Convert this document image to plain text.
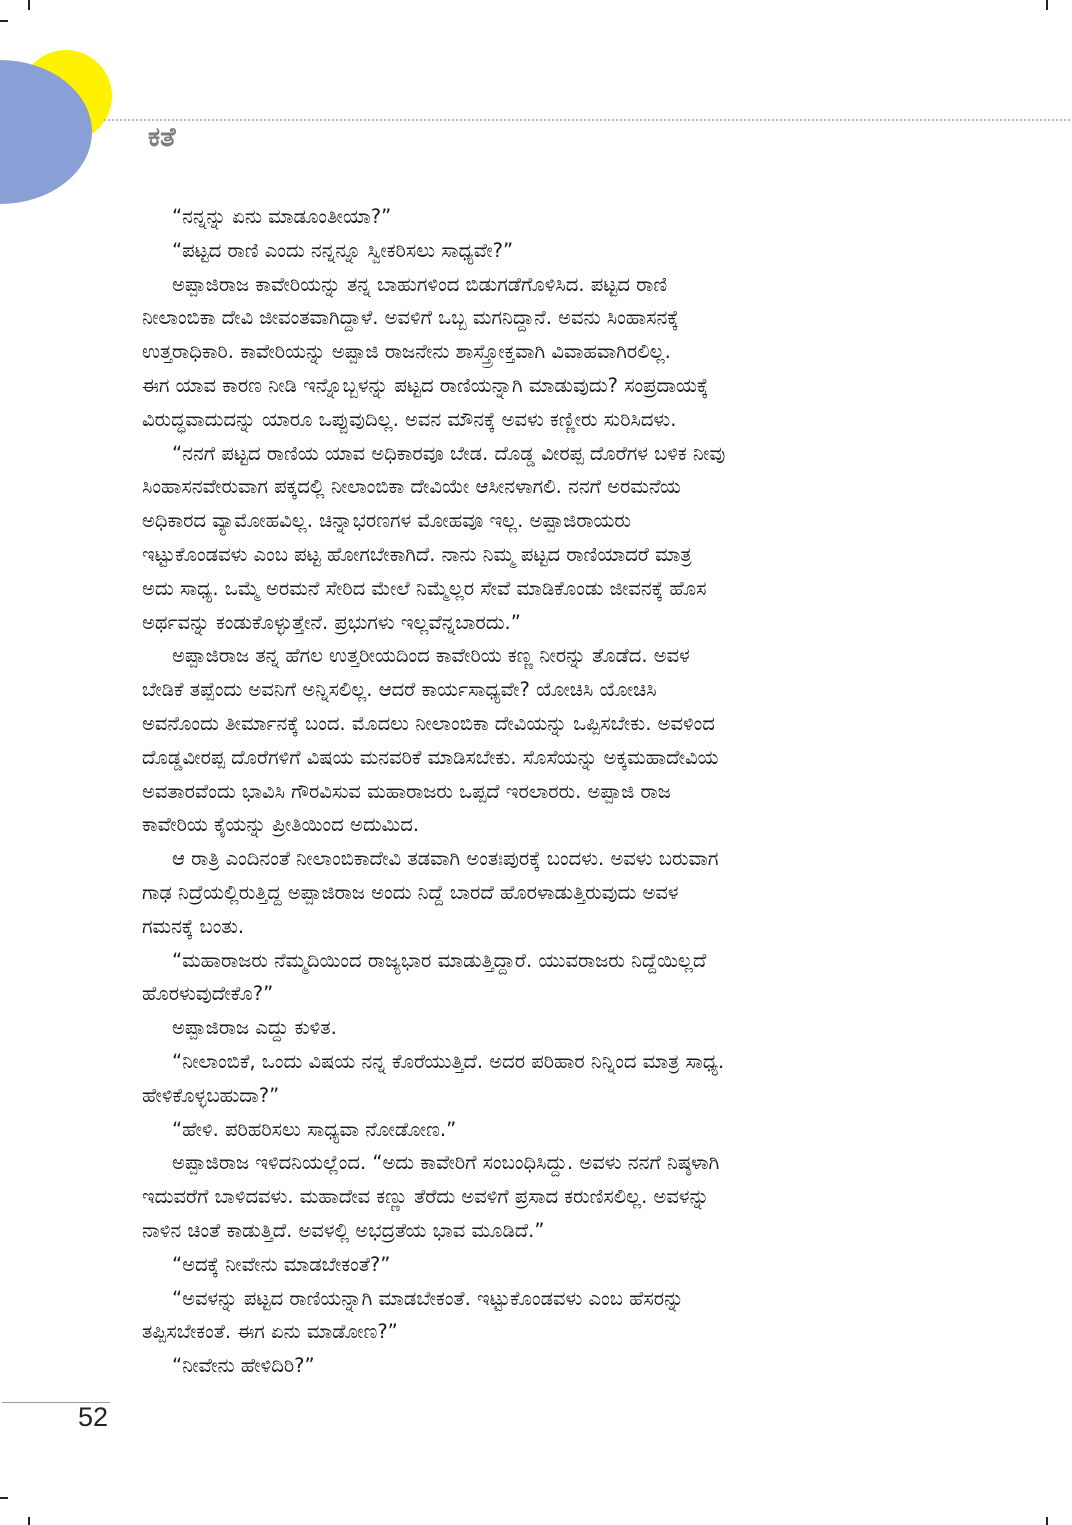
ಕತೆ
“ನನ್ನನ್ನು ಏನು ಮಾಡೂಂತೀಯಾ?”
“ಪಟ್ಟದ ರಾಣಿ ಎಂದು ನನ್ನನ್ನೂ ಸ್ವೀಕರಿಸಲು ಸಾಧ್ಯವೇ?”
ಅಪ್ಪಾಜಿರಾಜ ಕಾವೇರಿಯನ್ನು ತನ್ನ ಬಾಹುಗಳಿಂದ ಬಿಡುಗಡೆಗೊಳಿಸಿದ. ಪಟ್ಟದ ರಾಣಿ
ನೀಲಾಂಬಿಕಾ ದೇವಿ ಜೀವಂತವಾಗಿದ್ದಾಳೆ. ಅವಳಿಗೆ ಒಬ್ಬ ಮಗನಿದ್ದಾನೆ. ಅವನು ಸಿಂಹಾಸನಕ್ಕೆ
ಉತ್ತರಾಧಿಕಾರಿ. ಕಾವೇರಿಯನ್ನು ಅಪ್ಪಾಜಿ ರಾಜನೇನು ಶಾಸ್ತ್ರೋಕ್ತವಾಗಿ ವಿವಾಹವಾಗಿರಲಿಲ್ಲ.
ಈಗ ಯಾವ ಕಾರಣ ನೀಡಿ ಇನ್ನೊಬ್ಬಳನ್ನು ಪಟ್ಟದ ರಾಣಿಯನ್ನಾಗಿ ಮಾಡುವುದು? ಸಂಪ್ರದಾಯಕ್ಕೆ
ವಿರುದ್ಧವಾದುದನ್ನು ಯಾರೂ ಒಪ್ಪುವುದಿಲ್ಲ. ಅವನ ಮೌನಕ್ಕೆ ಅವಳು ಕಣ್ಣೀರು ಸುರಿಸಿದಳು.
“ನನಗೆ ಪಟ್ಟದ ರಾಣಿಯ ಯಾವ ಅಧಿಕಾರವೂ ಬೇಡ. ದೊಡ್ಡ ವೀರಪ್ಪ ದೊರೆಗಳ ಬಳಿಕ ನೀವು
ಸಿಂಹಾಸನವೇರುವಾಗ ಪಕ್ಕದಲ್ಲಿ ನೀಲಾಂಬಿಕಾ ದೇವಿಯೇ ಆಸೀನಳಾಗಲಿ. ನನಗೆ ಅರಮನೆಯ
ಅಧಿಕಾರದ ವ್ಯಾಮೋಹವಿಲ್ಲ. ಚಿನ್ನಾಭರಣಗಳ ಮೋಹವೂ ಇಲ್ಲ. ಅಪ್ಪಾಜಿರಾಯರು
ಇಟ್ಟುಕೊಂಡವಳು ಎಂಬ ಪಟ್ಟ ಹೋಗಬೇಕಾಗಿದೆ. ನಾನು ನಿಮ್ಮ ಪಟ್ಟದ ರಾಣಿಯಾದರೆ ಮಾತ್ರ
ಅದು ಸಾಧ್ಯ. ಒಮ್ಮೆ ಅರಮನೆ ಸೇರಿದ ಮೇಲೆ ನಿಮ್ಮೆಲ್ಲರ ಸೇವೆ ಮಾಡಿಕೊಂಡು ಜೀವನಕ್ಕೆ ಹೊಸ
ಅರ್ಥವನ್ನು ಕಂಡುಕೊಳ್ಳುತ್ತೇನೆ. ಪ್ರಭುಗಳು ಇಲ್ಲವೆನ್ನಬಾರದು.”
ಅಪ್ಪಾಜಿರಾಜ ತನ್ನ ಹೆಗಲ ಉತ್ತರೀಯದಿಂದ ಕಾವೇರಿಯ ಕಣ್ಣ ನೀರನ್ನು ತೊಡೆದ. ಅವಳ
ಬೇಡಿಕೆ ತಪ್ಪೆಂದು ಅವನಿಗೆ ಅನ್ನಿಸಲಿಲ್ಲ. ಆದರೆ ಕಾರ್ಯಸಾಧ್ಯವೇ? ಯೋಚಿಸಿ ಯೋಚಿಸಿ
ಅವನೊಂದು ತೀರ್ಮಾನಕ್ಕೆ ಬಂದ. ಮೊದಲು ನೀಲಾಂಬಿಕಾ ದೇವಿಯನ್ನು ಒಪ್ಪಿಸಬೇಕು. ಅವಳಿಂದ
ದೊಡ್ಡವೀರಪ್ಪ ದೊರೆಗಳಿಗೆ ವಿಷಯ ಮನವರಿಕೆ ಮಾಡಿಸಬೇಕು. ಸೊಸೆಯನ್ನು ಅಕ್ಕಮಹಾದೇವಿಯ
ಅವತಾರವೆಂದು ಭಾವಿಸಿ ಗೌರವಿಸುವ ಮಹಾರಾಜರು ಒಪ್ಪದೆ ಇರಲಾರರು. ಅಪ್ಪಾಜಿ ರಾಜ
ಕಾವೇರಿಯ ಕೈಯನ್ನು ಪ್ರೀತಿಯಿಂದ ಅದುಮಿದ.
ಆ ರಾತ್ರಿ ಎಂದಿನಂತೆ ನೀಲಾಂಬಿಕಾದೇವಿ ತಡವಾಗಿ ಅಂತಃಪುರಕ್ಕೆ ಬಂದಳು. ಅವಳು ಬರುವಾಗ
ಗಾಢ ನಿದ್ರೆಯಲ್ಲಿರುತ್ತಿದ್ದ ಅಪ್ಪಾಜಿರಾಜ ಅಂದು ನಿದ್ದೆ ಬಾರದೆ ಹೊರಳಾಡುತ್ತಿರುವುದು ಅವಳ
ಗಮನಕ್ಕೆ ಬಂತು.
“ಮಹಾರಾಜರು ನೆಮ್ಮದಿಯಿಂದ ರಾಜ್ಯಭಾರ ಮಾಡುತ್ತಿದ್ದಾರೆ. ಯುವರಾಜರು ನಿದ್ದೆಯಿಲ್ಲದೆ
ಹೊರಳುವುದೇಕೊ?”
ಅಪ್ಪಾಜಿರಾಜ ಎದ್ದು ಕುಳಿತ.
“ನೀಲಾಂಬಿಕೆ, ಒಂದು ವಿಷಯ ನನ್ನ ಕೊರೆಯುತ್ತಿದೆ. ಅದರ ಪರಿಹಾರ ನಿನ್ನಿಂದ ಮಾತ್ರ ಸಾಧ್ಯ.
ಹೇಳಿಕೊಳ್ಳಬಹುದಾ?”
“ಹೇಳಿ. ಪರಿಹರಿಸಲು ಸಾಧ್ಯವಾ ನೋಡೋಣ.”
ಅಪ್ಪಾಜಿರಾಜ ಇಳಿದನಿಯಲ್ಲೆಂದ. “ಅದು ಕಾವೇರಿಗೆ ಸಂಬಂಧಿಸಿದ್ದು. ಅವಳು ನನಗೆ ನಿಷ್ಠಳಾಗಿ
ಇದುವರೆಗೆ ಬಾಳಿದವಳು. ಮಹಾದೇವ ಕಣ್ಣು ತೆರೆದು ಅವಳಿಗೆ ಪ್ರಸಾದ ಕರುಣಿಸಲಿಲ್ಲ. ಅವಳನ್ನು
ನಾಳಿನ ಚಿಂತೆ ಕಾಡುತ್ತಿದೆ. ಅವಳಲ್ಲಿ ಅಭದ್ರತೆಯ ಭಾವ ಮೂಡಿದೆ.”
“ಅದಕ್ಕೆ ನೀವೇನು ಮಾಡಬೇಕಂತೆ?”
“ಅವಳನ್ನು ಪಟ್ಟದ ರಾಣಿಯನ್ನಾಗಿ ಮಾಡಬೇಕಂತೆ. ಇಟ್ಟುಕೊಂಡವಳು ಎಂಬ ಹೆಸರನ್ನು
ತಪ್ಪಿಸಬೇಕಂತೆ. ಈಗ ಏನು ಮಾಡೋಣ?”
“ನೀವೇನು ಹೇಳಿದಿರಿ?”
52
